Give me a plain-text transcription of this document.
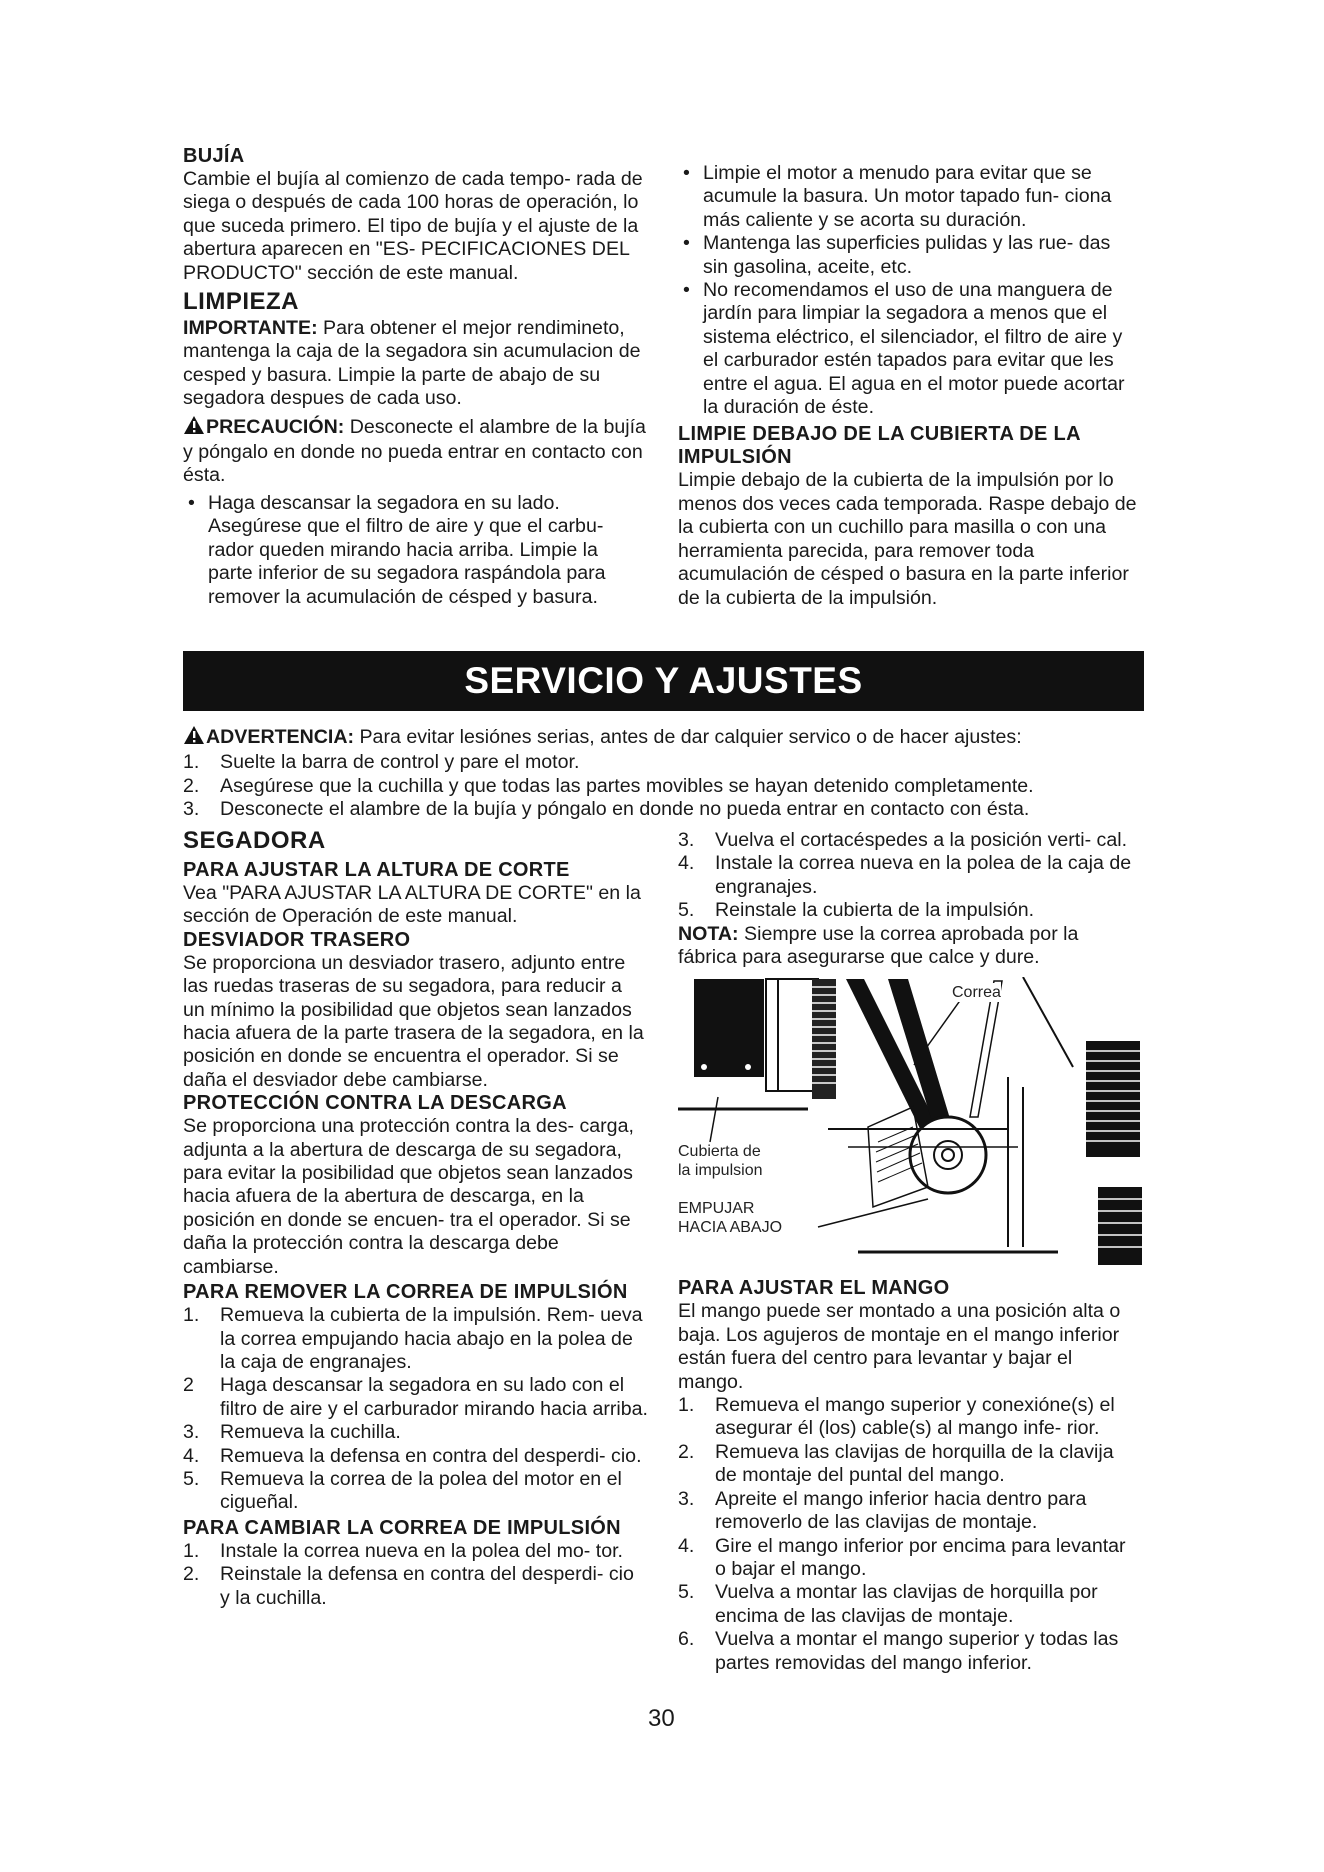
BUJÍA

Cambie el bujía al comienzo de cada tempo- rada de siega o después de cada 100 horas de operación, lo que suceda primero. El tipo de bujía y el ajuste de la abertura aparecen en "ES- PECIFICACIONES DEL PRODUCTO" sección de este manual.

LIMPIEZA

IMPORTANTE: Para obtener el mejor rendimineto, mantenga la caja de la segadora sin acumulacion de cesped y basura. Limpie la parte de abajo de su segadora despues de cada uso.

PRECAUCIÓN: Desconecte el alambre de la bujía y póngalo en donde no pueda entrar en contacto con ésta.

• Haga descansar la segadora en su lado. Asegúrese que el filtro de aire y que el carbu- rador queden mirando hacia arriba. Limpie la parte inferior de su segadora raspándola para remover la acumulación de césped y basura.
• Limpie el motor a menudo para evitar que se acumule la basura. Un motor tapado fun- ciona más caliente y se acorta su duración.
• Mantenga las superficies pulidas y las rue- das sin gasolina, aceite, etc.
• No recomendamos el uso de una manguera de jardín para limpiar la segadora a menos que el sistema eléctrico, el silenciador, el filtro de aire y el carburador estén tapados para evitar que les entre el agua. El agua en el motor puede acortar la duración de éste.
LIMPIE DEBAJO DE LA CUBIERTA DE LA IMPULSIÓN

Limpie debajo de la cubierta de la impulsión por lo menos dos veces cada temporada. Raspe debajo de la cubierta con un cuchillo para masilla o con una herramienta parecida, para remover toda acumulación de césped o basura en la parte inferior de la cubierta de la impulsión.

SERVICIO Y AJUSTES

ADVERTENCIA: Para evitar lesiónes serias, antes de dar calquier servico o de hacer ajustes:

1. Suelte la barra de control y pare el motor.
2. Asegúrese que la cuchilla y que todas las partes movibles se hayan detenido completamente.
3. Desconecte el alambre de la bujía y póngalo en donde no pueda entrar en contacto con ésta.
SEGADORA
PARA AJUSTAR LA ALTURA DE CORTE

Vea "PARA AJUSTAR LA ALTURA DE CORTE" en la sección de Operación de este manual.

DESVIADOR TRASERO

Se proporciona un desviador trasero, adjunto entre las ruedas traseras de su segadora, para reducir a un mínimo la posibilidad que objetos sean lanzados hacia afuera de la parte trasera de la segadora, en la posición en donde se encuentra el operador. Si se daña el desviador debe cambiarse.

PROTECCIÓN CONTRA LA DESCARGA

Se proporciona una protección contra la des- carga, adjunta a la abertura de descarga de su segadora, para evitar la posibilidad que objetos sean lanzados hacia afuera de la abertura de descarga, en la posición en donde se encuen- tra el operador. Si se daña la protección contra la descarga debe cambiarse.

PARA REMOVER LA CORREA DE IMPULSIÓN
1. Remueva la cubierta de la impulsión. Rem- ueva la correa empujando hacia abajo en la polea de la caja de engranajes.
2 Haga descansar la segadora en su lado con el filtro de aire y el carburador mirando hacia arriba.
3. Remueva la cuchilla.
4. Remueva la defensa en contra del desperdi- cio.
5. Remueva la correa de la polea del motor en el cigueñal.
PARA CAMBIAR LA CORREA DE IMPULSIÓN
1. Instale la correa nueva en la polea del mo- tor.
2. Reinstale la defensa en contra del desperdi- cio y la cuchilla.
3. Vuelva el cortacéspedes a la posición verti- cal.
4. Instale la correa nueva en la polea de la caja de engranajes.
5. Reinstale la cubierta de la impulsión.

NOTA: Siempre use la correa aprobada por la fábrica para asegurarse que calce y dure.

Correa
Cubierta de
la impulsion
EMPUJAR
HACIA ABAJO
PARA AJUSTAR EL MANGO

El mango puede ser montado a una posición alta o baja. Los agujeros de montaje en el mango inferior están fuera del centro para levantar y bajar el mango.

1. Remueva el mango superior y conexióne(s) el asegurar él (los) cable(s) al mango infe- rior.
2. Remueva las clavijas de horquilla de la clavija de montaje del puntal del mango.
3. Apreite el mango inferior hacia dentro para removerlo de las clavijas de montaje.
4. Gire el mango inferior por encima para levantar o bajar el mango.
5. Vuelva a montar las clavijas de horquilla por encima de las clavijas de montaje.
6. Vuelva a montar el mango superior y todas las partes removidas del mango inferior.
30
